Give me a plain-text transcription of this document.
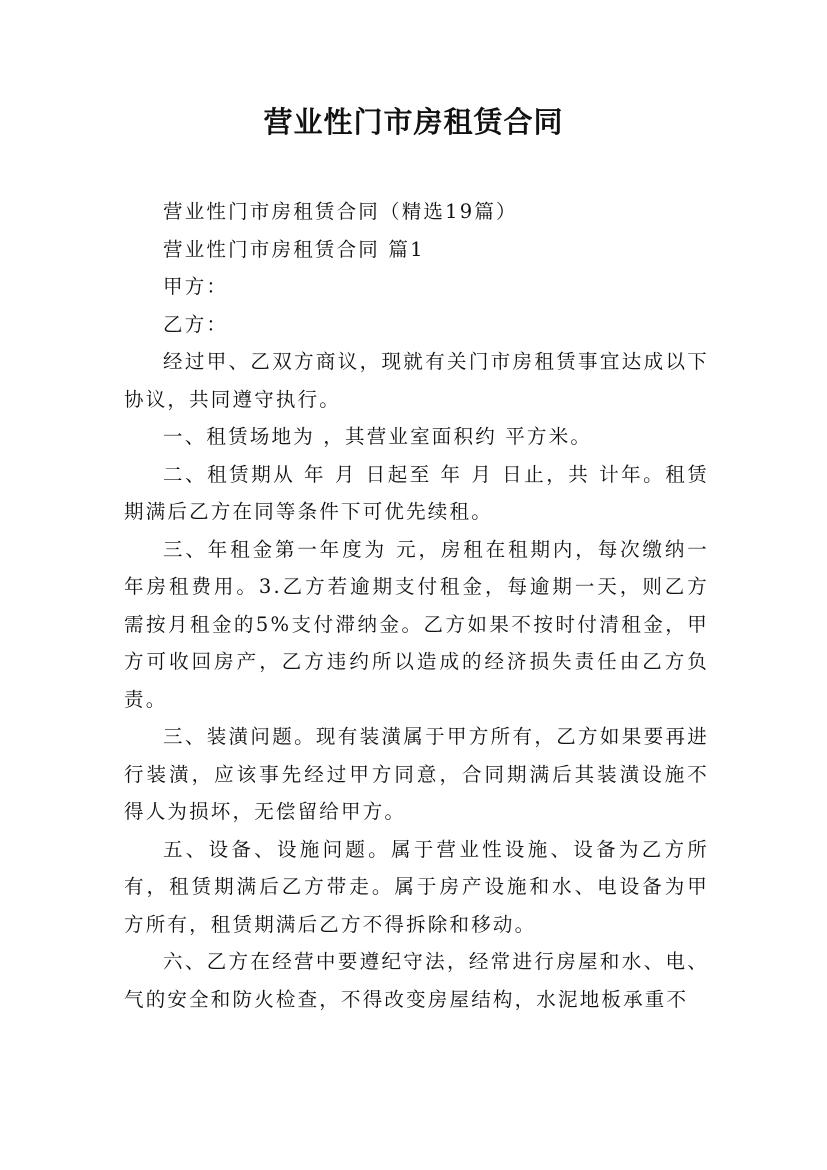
营业性门市房租赁合同

营业性门市房租赁合同（精选19篇）

营业性门市房租赁合同 篇1

甲方：

乙方：

经过甲、乙双方商议，现就有关门市房租赁事宜达成以下协议，共同遵守执行。

一、租赁场地为 ，其营业室面积约 平方米。

二、租赁期从 年 月 日起至 年 月 日止，共 计年。租赁期满后乙方在同等条件下可优先续租。

三、年租金第一年度为 元，房租在租期内，每次缴纳一年房租费用。3.乙方若逾期支付租金，每逾期一天，则乙方需按月租金的5%支付滞纳金。乙方如果不按时付清租金，甲方可收回房产，乙方违约所以造成的经济损失责任由乙方负责。

三、装潢问题。现有装潢属于甲方所有，乙方如果要再进行装潢，应该事先经过甲方同意，合同期满后其装潢设施不得人为损坏，无偿留给甲方。

五、设备、设施问题。属于营业性设施、设备为乙方所有，租赁期满后乙方带走。属于房产设施和水、电设备为甲方所有，租赁期满后乙方不得拆除和移动。

六、乙方在经营中要遵纪守法，经常进行房屋和水、电、气的安全和防火检查，不得改变房屋结构，水泥地板承重不
